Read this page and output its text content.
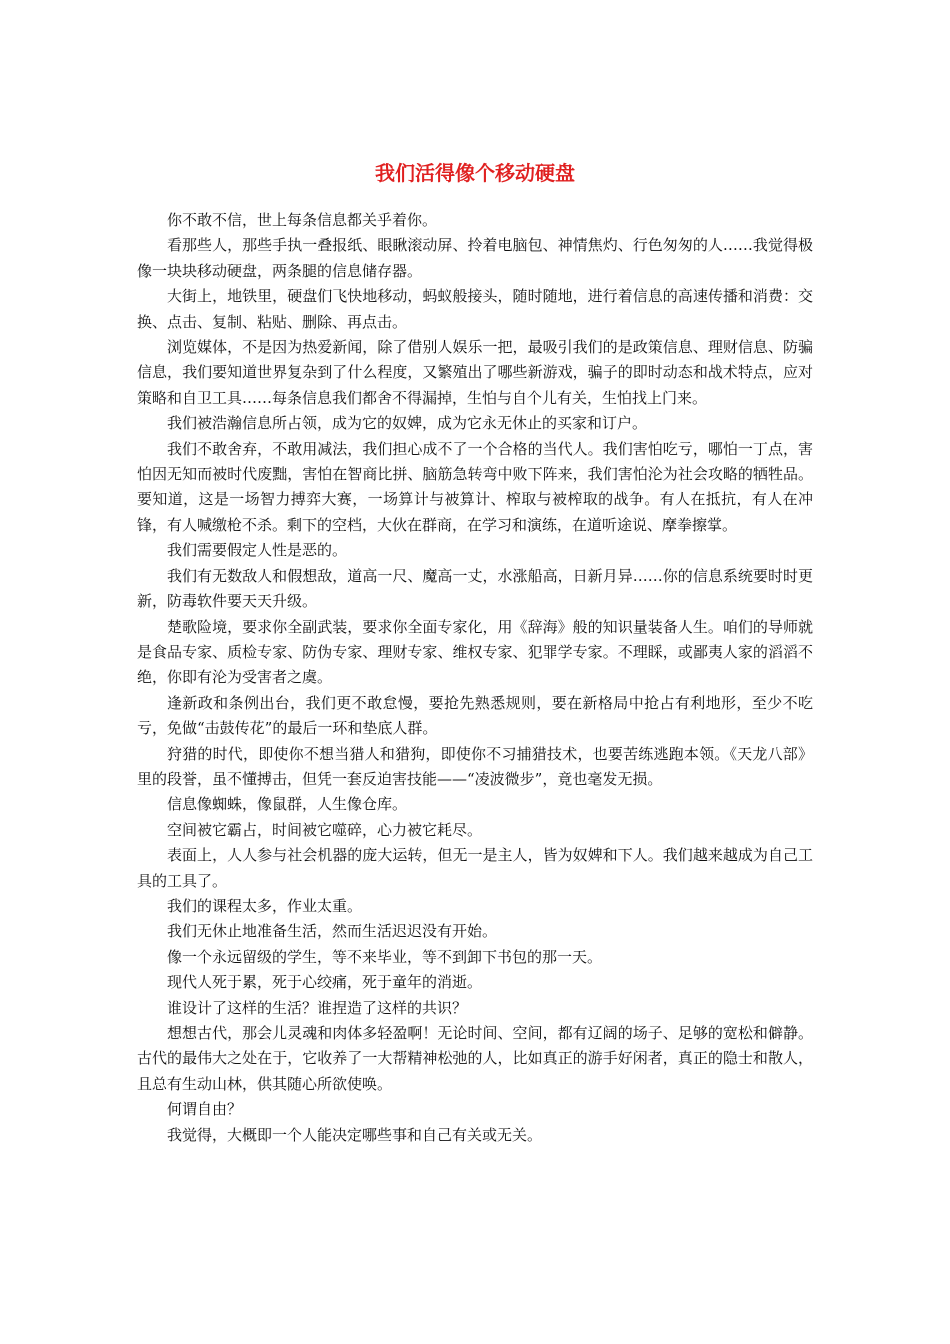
我们活得像个移动硬盘

你不敢不信，世上每条信息都关乎着你。

看那些人，那些手执一叠报纸、眼瞅滚动屏、拎着电脑包、神情焦灼、行色匆匆的人……我觉得极像一块块移动硬盘，两条腿的信息储存器。

大街上，地铁里，硬盘们飞快地移动，蚂蚁般接头，随时随地，进行着信息的高速传播和消费：交换、点击、复制、粘贴、删除、再点击。

浏览媒体，不是因为热爱新闻，除了借别人娱乐一把，最吸引我们的是政策信息、理财信息、防骗信息，我们要知道世界复杂到了什么程度，又繁殖出了哪些新游戏，骗子的即时动态和战术特点，应对策略和自卫工具……每条信息我们都舍不得漏掉，生怕与自个儿有关，生怕找上门来。

我们被浩瀚信息所占领，成为它的奴婢，成为它永无休止的买家和订户。

我们不敢舍弃，不敢用减法，我们担心成不了一个合格的当代人。我们害怕吃亏，哪怕一丁点，害怕因无知而被时代废黜，害怕在智商比拼、脑筋急转弯中败下阵来，我们害怕沦为社会攻略的牺牲品。要知道，这是一场智力搏弈大赛，一场算计与被算计、榨取与被榨取的战争。有人在抵抗，有人在冲锋，有人喊缴枪不杀。剩下的空档，大伙在群商，在学习和演练，在道听途说、摩拳擦掌。

我们需要假定人性是恶的。

我们有无数敌人和假想敌，道高一尺、魔高一丈，水涨船高，日新月异……你的信息系统要时时更新，防毒软件要天天升级。

楚歌险境，要求你全副武装，要求你全面专家化，用《辞海》般的知识量装备人生。咱们的导师就是食品专家、质检专家、防伪专家、理财专家、维权专家、犯罪学专家。不理睬，或鄙夷人家的滔滔不绝，你即有沦为受害者之虞。

逢新政和条例出台，我们更不敢怠慢，要抢先熟悉规则，要在新格局中抢占有利地形，至少不吃亏，免做“击鼓传花”的最后一环和垫底人群。

狩猎的时代，即使你不想当猎人和猎狗，即使你不习捕猎技术，也要苦练逃跑本领。《天龙八部》里的段誉，虽不懂搏击，但凭一套反迫害技能——“凌波微步”，竟也毫发无损。

信息像蜘蛛，像鼠群，人生像仓库。

空间被它霸占，时间被它噬碎，心力被它耗尽。

表面上，人人参与社会机器的庞大运转，但无一是主人，皆为奴婢和下人。我们越来越成为自己工具的工具了。

我们的课程太多，作业太重。

我们无休止地准备生活，然而生活迟迟没有开始。

像一个永远留级的学生，等不来毕业，等不到卸下书包的那一天。

现代人死于累，死于心绞痛，死于童年的消逝。

谁设计了这样的生活？谁捏造了这样的共识？

想想古代，那会儿灵魂和肉体多轻盈啊！无论时间、空间，都有辽阔的场子、足够的宽松和僻静。古代的最伟大之处在于，它收养了一大帮精神松弛的人，比如真正的游手好闲者，真正的隐士和散人，且总有生动山林，供其随心所欲使唤。

何谓自由？

我觉得，大概即一个人能决定哪些事和自己有关或无关。
